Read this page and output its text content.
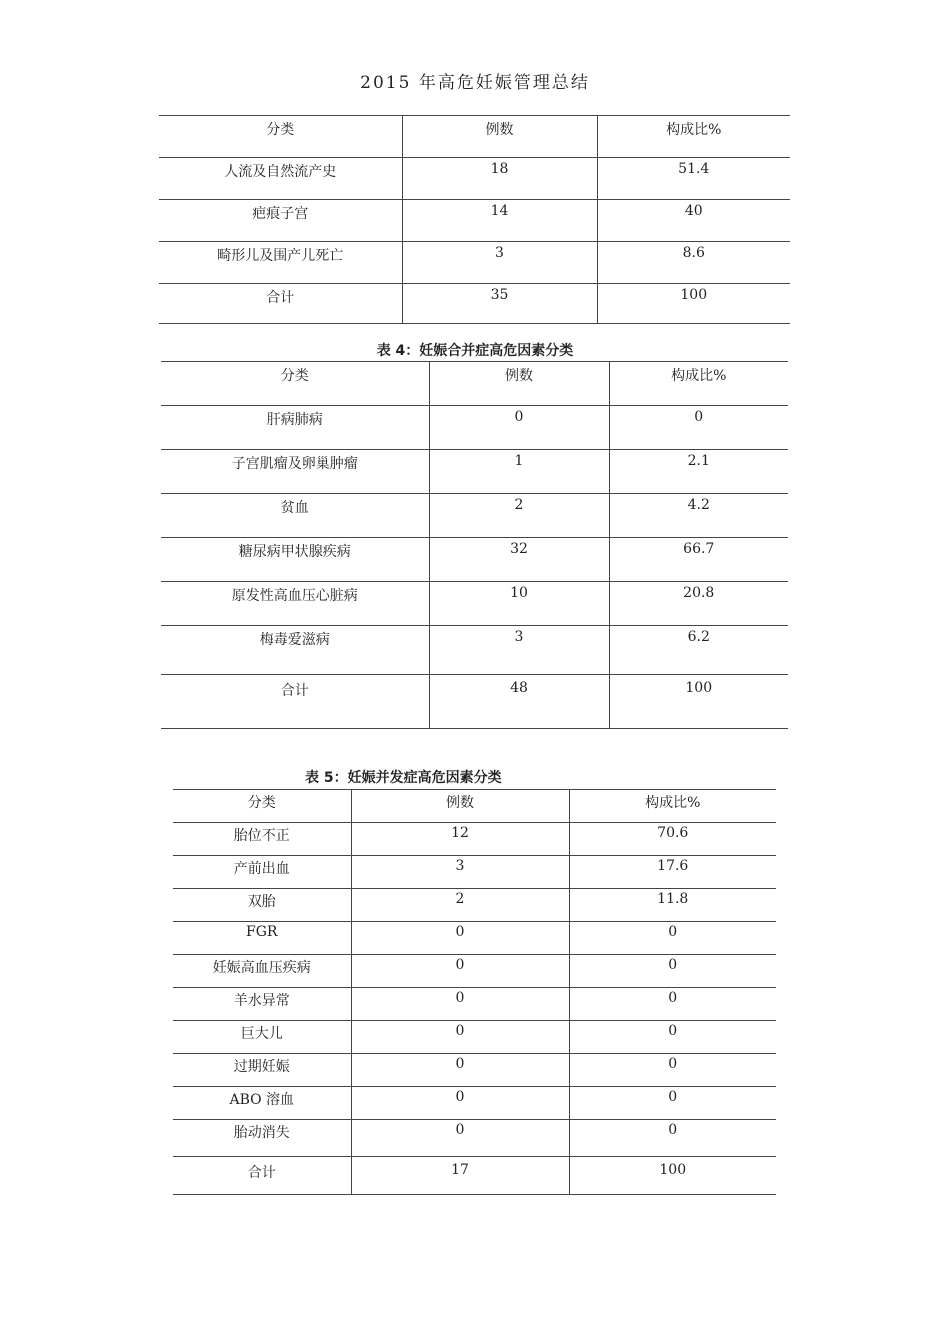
2015 年高危妊娠管理总结
分类	例数	构成比%
人流及自然流产史	18	51.4
疤痕子宫	14	40
畸形儿及围产儿死亡	3	8.6
合计	35	100
表 4：妊娠合并症高危因素分类
分类	例数	构成比%
肝病肺病	0	0
子宫肌瘤及卵巢肿瘤	1	2.1
贫血	2	4.2
糖尿病甲状腺疾病	32	66.7
原发性高血压心脏病	10	20.8
梅毒爱滋病	3	6.2
合计	48	100
表 5：妊娠并发症高危因素分类
分类	例数	构成比%
胎位不正	12	70.6
产前出血	3	17.6
双胎	2	11.8
FGR	0	0
妊娠高血压疾病	0	0
羊水异常	0	0
巨大儿	0	0
过期妊娠	0	0
ABO 溶血	0	0
胎动消失	0	0
合计	17	100
